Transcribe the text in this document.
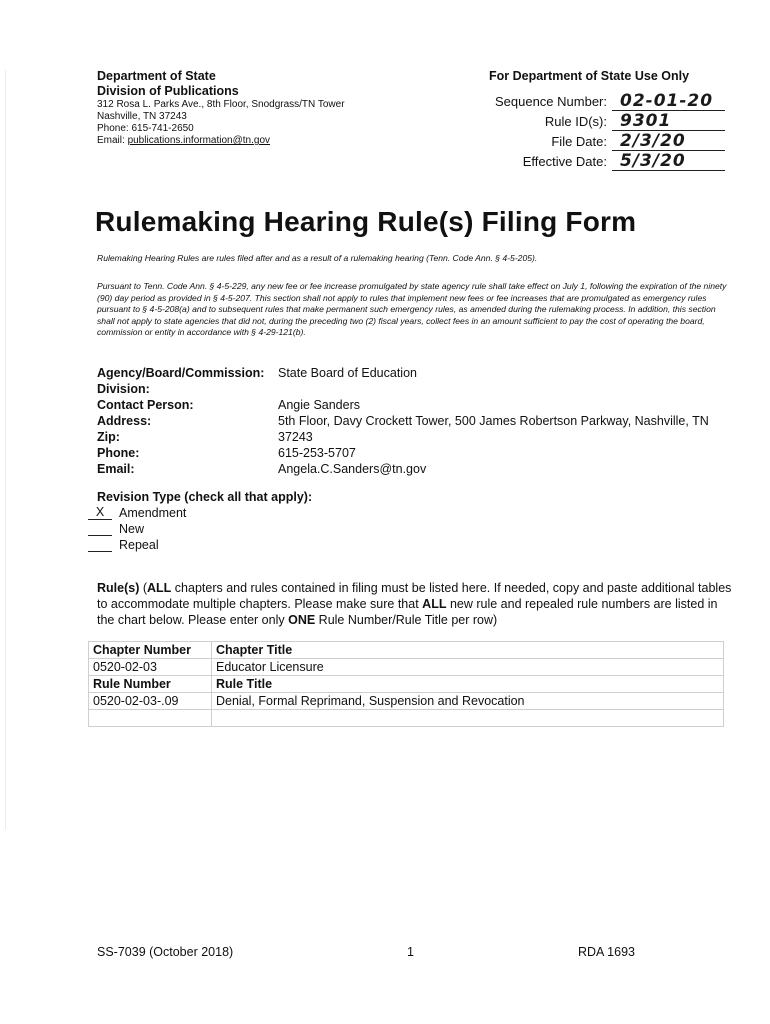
Department of State
Division of Publications
312 Rosa L. Parks Ave., 8th Floor, Snodgrass/TN Tower
Nashville, TN 37243
Phone: 615-741-2650
Email: publications.information@tn.gov
For Department of State Use Only
Sequence Number: 02-01-20
Rule ID(s): 9301
File Date: 2/3/20
Effective Date: 5/3/20
Rulemaking Hearing Rule(s) Filing Form
Rulemaking Hearing Rules are rules filed after and as a result of a rulemaking hearing (Tenn. Code Ann. § 4-5-205).
Pursuant to Tenn. Code Ann. § 4-5-229, any new fee or fee increase promulgated by state agency rule shall take effect on July 1, following the expiration of the ninety (90) day period as provided in § 4-5-207. This section shall not apply to rules that implement new fees or fee increases that are promulgated as emergency rules pursuant to § 4-5-208(a) and to subsequent rules that make permanent such emergency rules, as amended during the rulemaking process. In addition, this section shall not apply to state agencies that did not, during the preceding two (2) fiscal years, collect fees in an amount sufficient to pay the cost of operating the board, commission or entity in accordance with § 4-29-121(b).
Agency/Board/Commission: State Board of Education
Division:
Contact Person:	Angie Sanders
Address:	5th Floor, Davy Crockett Tower, 500 James Robertson Parkway, Nashville, TN
Zip:	37243
Phone:	615-253-5707
Email:	Angela.C.Sanders@tn.gov
Revision Type (check all that apply):
X Amendment
New
Repeal
Rule(s) (ALL chapters and rules contained in filing must be listed here. If needed, copy and paste additional tables to accommodate multiple chapters. Please make sure that ALL new rule and repealed rule numbers are listed in the chart below. Please enter only ONE Rule Number/Rule Title per row)
Chapter Number	Chapter Title
0520-02-03	Educator Licensure
Rule Number	Rule Title
0520-02-03-.09	Denial, Formal Reprimand, Suspension and Revocation

SS-7039 (October 2018)	1	RDA 1693
